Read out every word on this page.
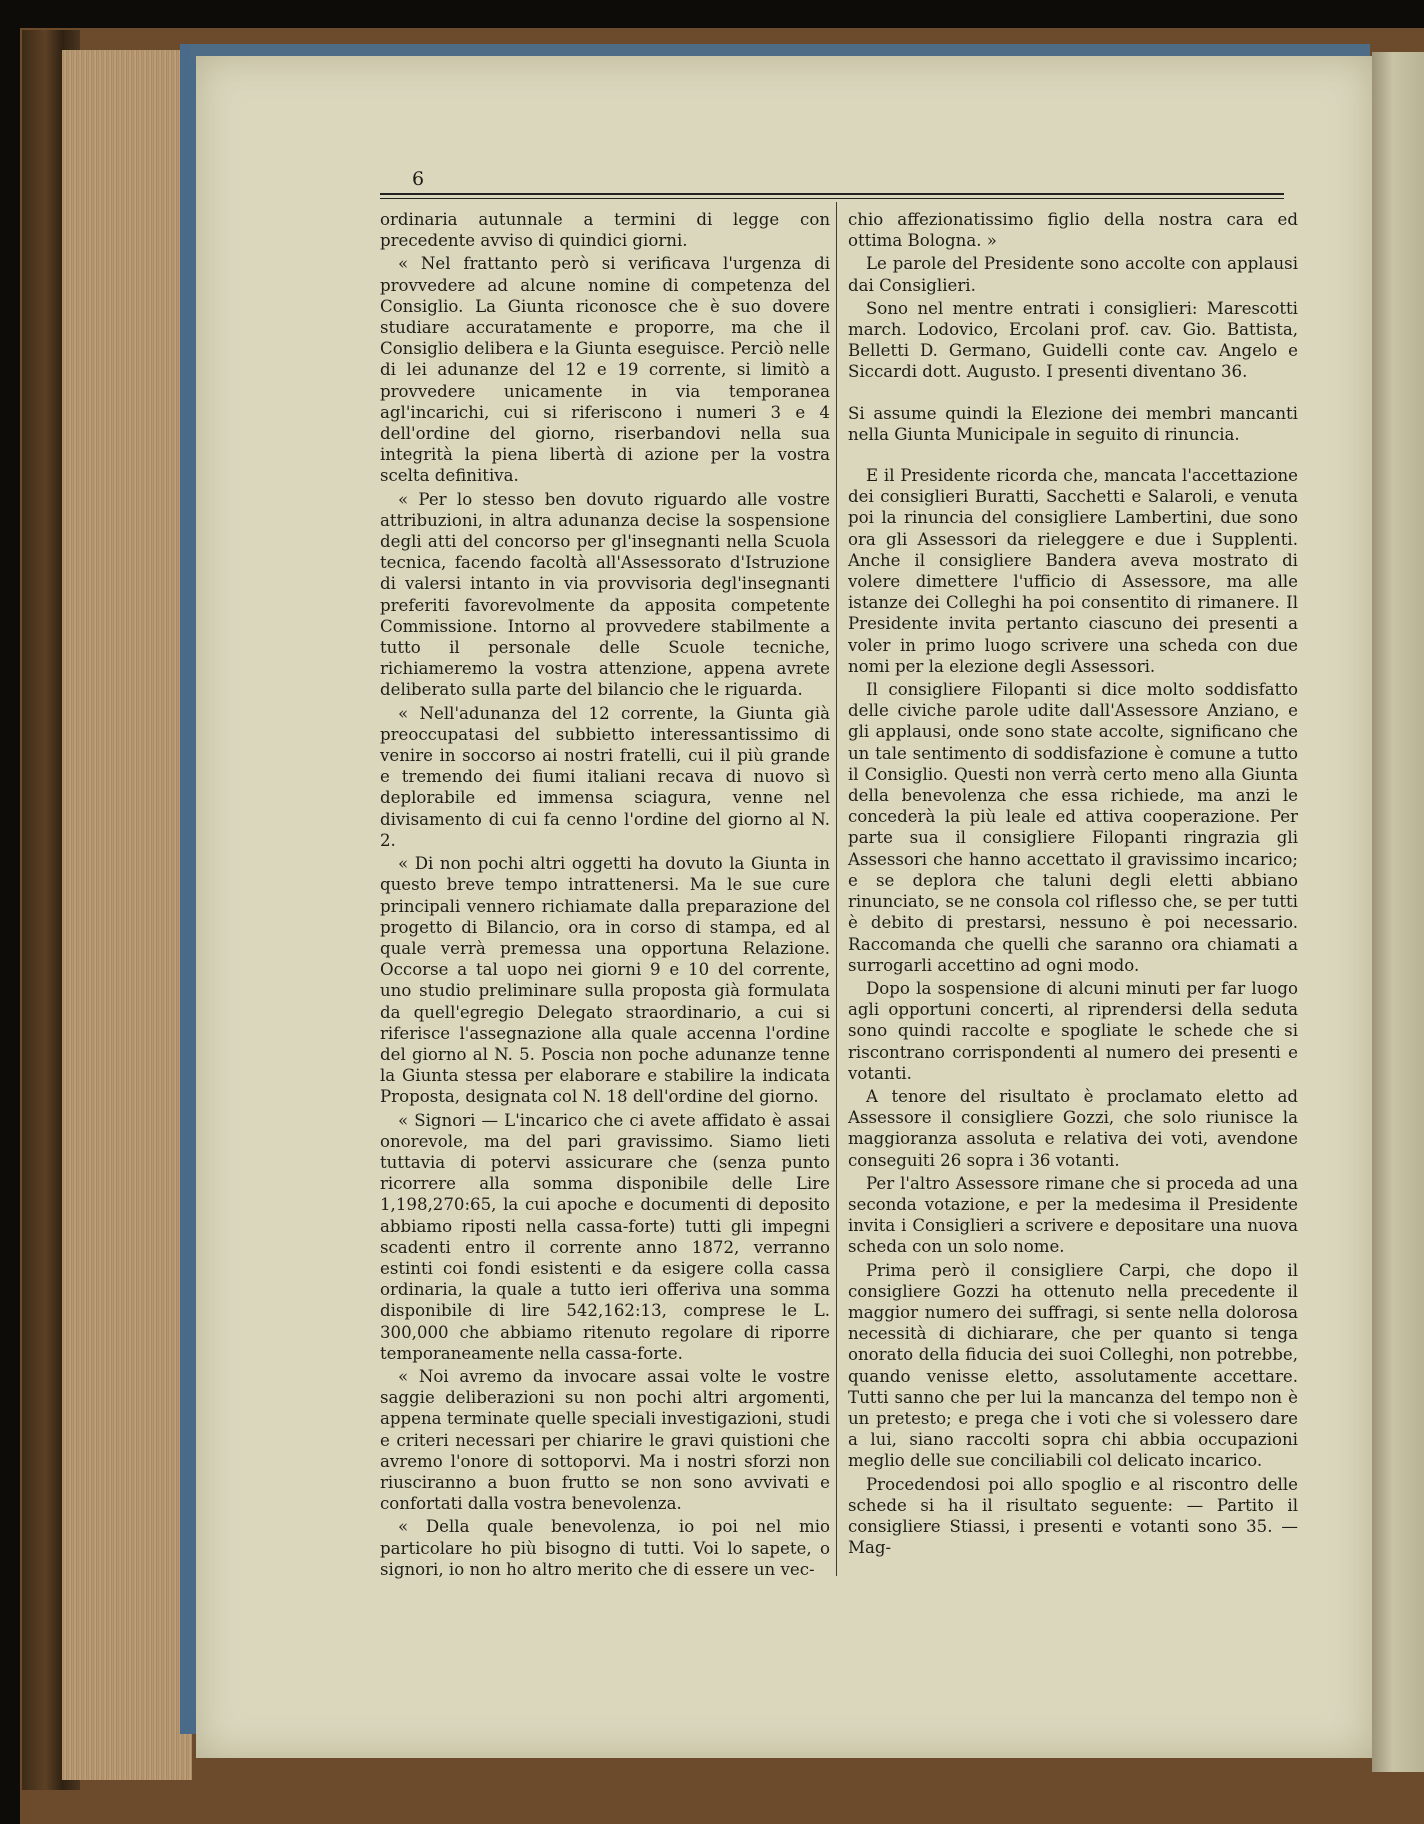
6

ordinaria autunnale a termini di legge con precedente avviso di quindici giorni.

« Nel frattanto però si verificava l'urgenza di provvedere ad alcune nomine di competenza del Consiglio. La Giunta riconosce che è suo dovere studiare accuratamente e proporre, ma che il Consiglio delibera e la Giunta eseguisce. Perciò nelle di lei adunanze del 12 e 19 corrente, si limitò a provvedere unicamente in via temporanea agl'incarichi, cui si riferiscono i numeri 3 e 4 dell'ordine del giorno, riserbandovi nella sua integrità la piena libertà di azione per la vostra scelta definitiva.

« Per lo stesso ben dovuto riguardo alle vostre attribuzioni, in altra adunanza decise la sospensione degli atti del concorso per gl'insegnanti nella Scuola tecnica, facendo facoltà all'Assessorato d'Istruzione di valersi intanto in via provvisoria degl'insegnanti preferiti favorevolmente da apposita competente Commissione. Intorno al provvedere stabilmente a tutto il personale delle Scuole tecniche, richiameremo la vostra attenzione, appena avrete deliberato sulla parte del bilancio che le riguarda.

« Nell'adunanza del 12 corrente, la Giunta già preoccupatasi del subbietto interessantissimo di venire in soccorso ai nostri fratelli, cui il più grande e tremendo dei fiumi italiani recava di nuovo sì deplorabile ed immensa sciagura, venne nel divisamento di cui fa cenno l'ordine del giorno al N. 2.

« Di non pochi altri oggetti ha dovuto la Giunta in questo breve tempo intrattenersi. Ma le sue cure principali vennero richiamate dalla preparazione del progetto di Bilancio, ora in corso di stampa, ed al quale verrà premessa una opportuna Relazione. Occorse a tal uopo nei giorni 9 e 10 del corrente, uno studio preliminare sulla proposta già formulata da quell'egregio Delegato straordinario, a cui si riferisce l'assegnazione alla quale accenna l'ordine del giorno al N. 5. Poscia non poche adunanze tenne la Giunta stessa per elaborare e stabilire la indicata Proposta, designata col N. 18 dell'ordine del giorno.

« Signori — L'incarico che ci avete affidato è assai onorevole, ma del pari gravissimo. Siamo lieti tuttavia di potervi assicurare che (senza punto ricorrere alla somma disponibile delle Lire 1,198,270:65, la cui apoche e documenti di deposito abbiamo riposti nella cassa-forte) tutti gli impegni scadenti entro il corrente anno 1872, verranno estinti coi fondi esistenti e da esigere colla cassa ordinaria, la quale a tutto ieri offeriva una somma disponibile di lire 542,162:13, comprese le L. 300,000 che abbiamo ritenuto regolare di riporre temporaneamente nella cassa-forte.

« Noi avremo da invocare assai volte le vostre saggie deliberazioni su non pochi altri argomenti, appena terminate quelle speciali investigazioni, studi e criteri necessari per chiarire le gravi quistioni che avremo l'onore di sottoporvi. Ma i nostri sforzi non riusciranno a buon frutto se non sono avvivati e confortati dalla vostra benevolenza.

« Della quale benevolenza, io poi nel mio particolare ho più bisogno di tutti. Voi lo sapete, o signori, io non ho altro merito che di essere un vec-

chio affezionatissimo figlio della nostra cara ed ottima Bologna. »

Le parole del Presidente sono accolte con applausi dai Consiglieri.

Sono nel mentre entrati i consiglieri: Marescotti march. Lodovico, Ercolani prof. cav. Gio. Battista, Belletti D. Germano, Guidelli conte cav. Angelo e Siccardi dott. Augusto. I presenti diventano 36.

Si assume quindi la Elezione dei membri mancanti nella Giunta Municipale in seguito di rinuncia.

E il Presidente ricorda che, mancata l'accettazione dei consiglieri Buratti, Sacchetti e Salaroli, e venuta poi la rinuncia del consigliere Lambertini, due sono ora gli Assessori da rieleggere e due i Supplenti. Anche il consigliere Bandera aveva mostrato di volere dimettere l'ufficio di Assessore, ma alle istanze dei Colleghi ha poi consentito di rimanere. Il Presidente invita pertanto ciascuno dei presenti a voler in primo luogo scrivere una scheda con due nomi per la elezione degli Assessori.

Il consigliere Filopanti si dice molto soddisfatto delle civiche parole udite dall'Assessore Anziano, e gli applausi, onde sono state accolte, significano che un tale sentimento di soddisfazione è comune a tutto il Consiglio. Questi non verrà certo meno alla Giunta della benevolenza che essa richiede, ma anzi le concederà la più leale ed attiva cooperazione. Per parte sua il consigliere Filopanti ringrazia gli Assessori che hanno accettato il gravissimo incarico; e se deplora che taluni degli eletti abbiano rinunciato, se ne consola col riflesso che, se per tutti è debito di prestarsi, nessuno è poi necessario. Raccomanda che quelli che saranno ora chiamati a surrogarli accettino ad ogni modo.

Dopo la sospensione di alcuni minuti per far luogo agli opportuni concerti, al riprendersi della seduta sono quindi raccolte e spogliate le schede che si riscontrano corrispondenti al numero dei presenti e votanti.

A tenore del risultato è proclamato eletto ad Assessore il consigliere Gozzi, che solo riunisce la maggioranza assoluta e relativa dei voti, avendone conseguiti 26 sopra i 36 votanti.

Per l'altro Assessore rimane che si proceda ad una seconda votazione, e per la medesima il Presidente invita i Consiglieri a scrivere e depositare una nuova scheda con un solo nome.

Prima però il consigliere Carpi, che dopo il consigliere Gozzi ha ottenuto nella precedente il maggior numero dei suffragi, si sente nella dolorosa necessità di dichiarare, che per quanto si tenga onorato della fiducia dei suoi Colleghi, non potrebbe, quando venisse eletto, assolutamente accettare. Tutti sanno che per lui la mancanza del tempo non è un pretesto; e prega che i voti che si volessero dare a lui, siano raccolti sopra chi abbia occupazioni meglio delle sue conciliabili col delicato incarico.

Procedendosi poi allo spoglio e al riscontro delle schede si ha il risultato seguente: — Partito il consigliere Stiassi, i presenti e votanti sono 35. — Mag-
